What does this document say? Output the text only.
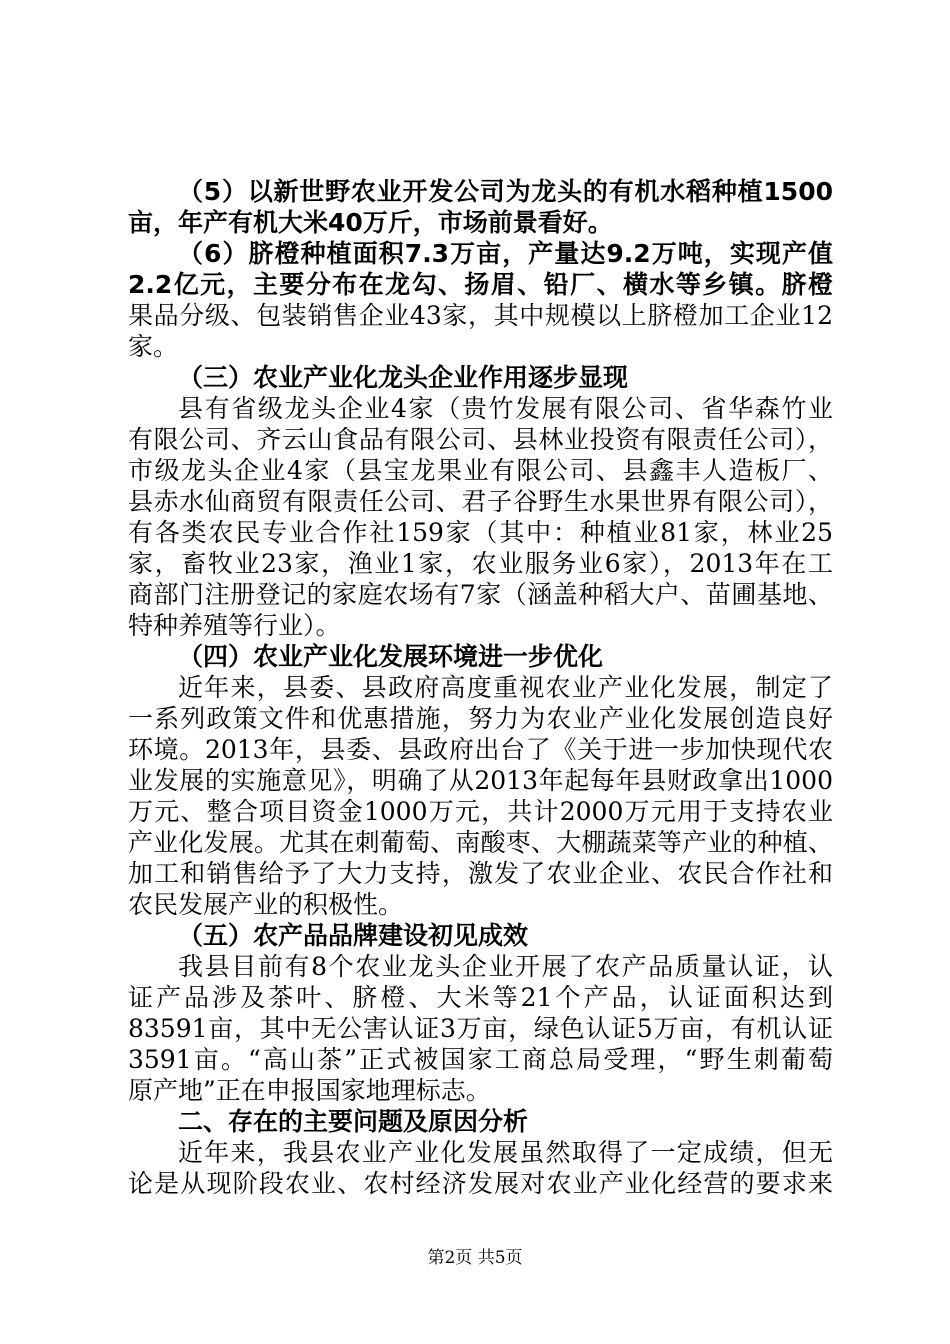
（5）以新世野农业开发公司为龙头的有机水稻种植1500
亩，年产有机大米40万斤，市场前景看好。
（6）脐橙种植面积7.3万亩，产量达9.2万吨，实现产值
2.2亿元，主要分布在龙勾、扬眉、铅厂、横水等乡镇。脐橙
果品分级、包装销售企业43家，其中规模以上脐橙加工企业12
家。
（三）农业产业化龙头企业作用逐步显现
县有省级龙头企业4家（贵竹发展有限公司、省华森竹业
有限公司、齐云山食品有限公司、县林业投资有限责任公司），
市级龙头企业4家（县宝龙果业有限公司、县鑫丰人造板厂、
县赤水仙商贸有限责任公司、君子谷野生水果世界有限公司），
有各类农民专业合作社159家（其中：种植业81家，林业25
家，畜牧业23家，渔业1家，农业服务业6家），2013年在工
商部门注册登记的家庭农场有7家（涵盖种稻大户、苗圃基地、
特种养殖等行业）。
（四）农业产业化发展环境进一步优化
近年来，县委、县政府高度重视农业产业化发展，制定了
一系列政策文件和优惠措施，努力为农业产业化发展创造良好
环境。2013年，县委、县政府出台了《关于进一步加快现代农
业发展的实施意见》，明确了从2013年起每年县财政拿出1000
万元、整合项目资金1000万元，共计2000万元用于支持农业
产业化发展。尤其在刺葡萄、南酸枣、大棚蔬菜等产业的种植、
加工和销售给予了大力支持，激发了农业企业、农民合作社和
农民发展产业的积极性。
（五）农产品品牌建设初见成效
我县目前有8个农业龙头企业开展了农产品质量认证，认
证产品涉及茶叶、脐橙、大米等21个产品，认证面积达到
83591亩，其中无公害认证3万亩，绿色认证5万亩，有机认证
3591亩。“高山茶”正式被国家工商总局受理，“野生刺葡萄
原产地”正在申报国家地理标志。
二、存在的主要问题及原因分析
近年来，我县农业产业化发展虽然取得了一定成绩，但无
论是从现阶段农业、农村经济发展对农业产业化经营的要求来
第2页 共5页
